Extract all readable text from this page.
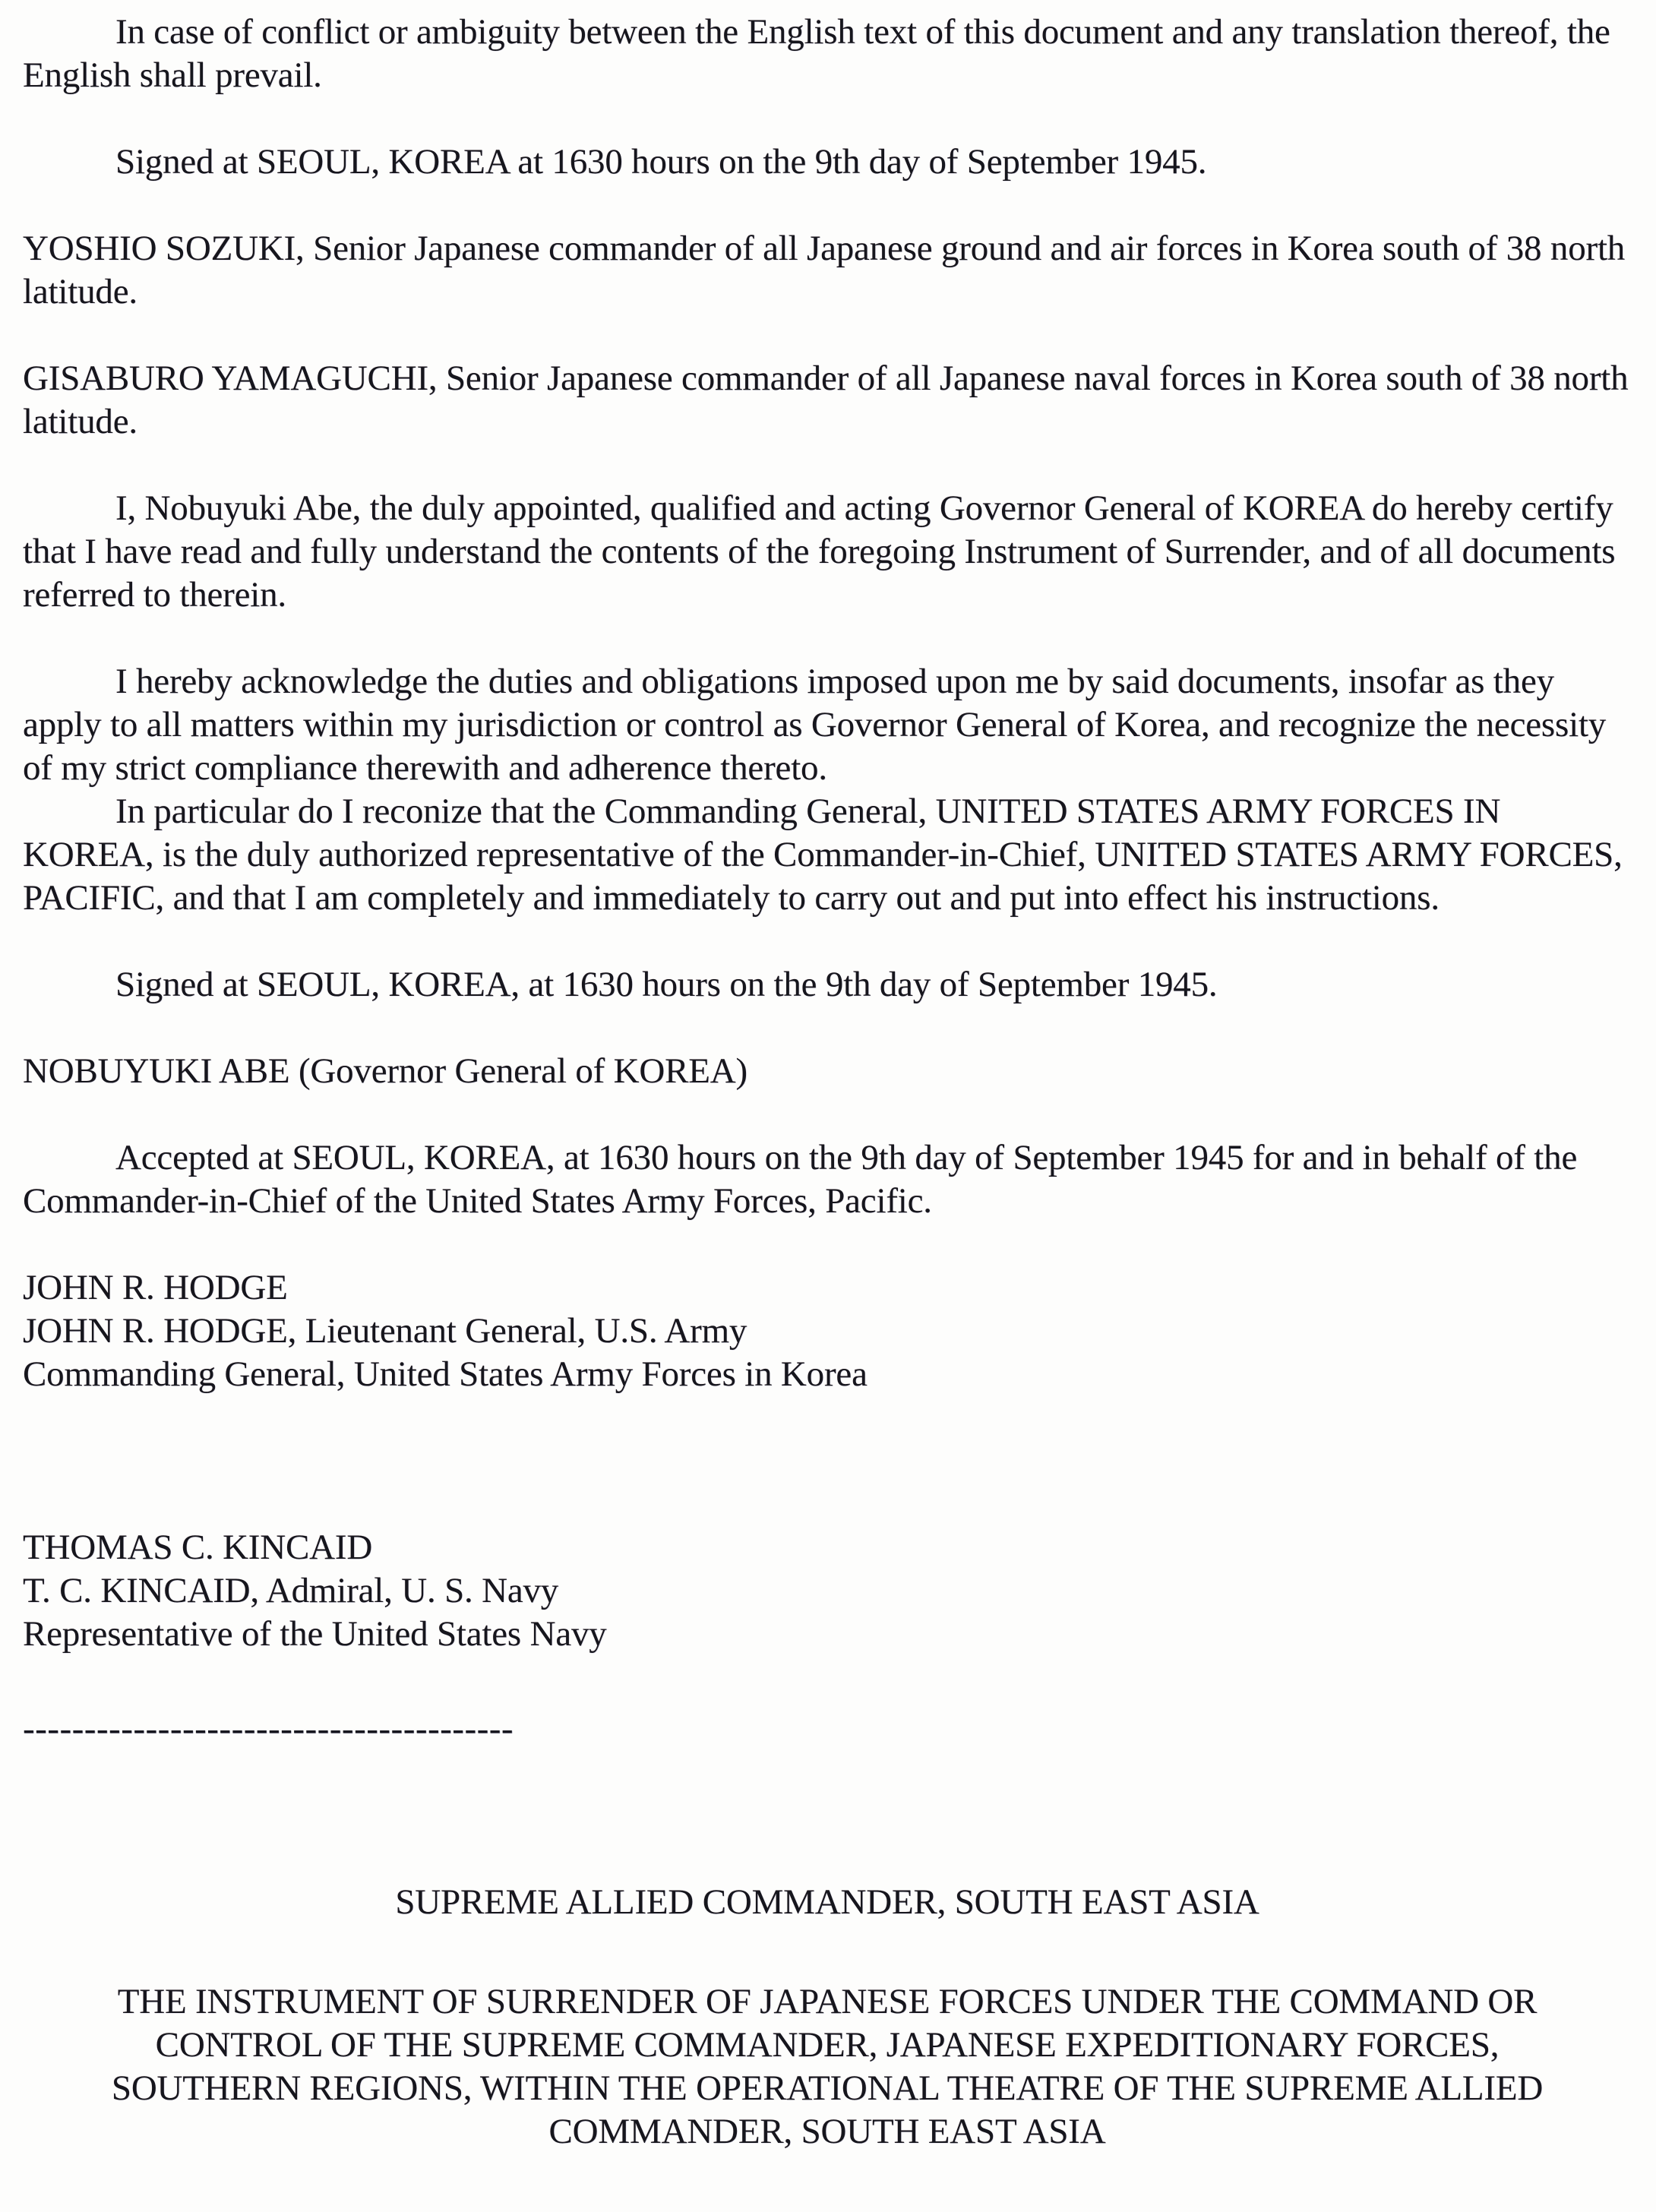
In case of conflict or ambiguity between the English text of this document and any translation thereof, the English shall prevail.
Signed at SEOUL, KOREA at 1630 hours on the 9th day of September 1945.
YOSHIO SOZUKI, Senior Japanese commander of all Japanese ground and air forces in Korea south of 38 north latitude.
GISABURO YAMAGUCHI, Senior Japanese commander of all Japanese naval forces in Korea south of 38 north latitude.
I, Nobuyuki Abe, the duly appointed, qualified and acting Governor General of KOREA do hereby certify that I have read and fully understand the contents of the foregoing Instrument of Surrender, and of all documents referred to therein.
I hereby acknowledge the duties and obligations imposed upon me by said documents, insofar as they apply to all matters within my jurisdiction or control as Governor General of Korea, and recognize the necessity of my strict compliance therewith and adherence thereto.
In particular do I reconize that the Commanding General, UNITED STATES ARMY FORCES IN KOREA, is the duly authorized representative of the Commander-in-Chief, UNITED STATES ARMY FORCES, PACIFIC, and that I am completely and immediately to carry out and put into effect his instructions.
Signed at SEOUL, KOREA, at 1630 hours on the 9th day of September 1945.
NOBUYUKI ABE (Governor General of KOREA)
Accepted at SEOUL, KOREA, at 1630 hours on the 9th day of September 1945 for and in behalf of the Commander-in-Chief of the United States Army Forces, Pacific.
JOHN R. HODGE
JOHN R. HODGE, Lieutenant General, U.S. Army
Commanding General, United States Army Forces in Korea
THOMAS C. KINCAID
T. C. KINCAID, Admiral, U. S. Navy
Representative of the United States Navy
----------------------------------------
SUPREME ALLIED COMMANDER, SOUTH EAST ASIA
THE INSTRUMENT OF SURRENDER OF JAPANESE FORCES UNDER THE COMMAND OR
CONTROL OF THE SUPREME COMMANDER, JAPANESE EXPEDITIONARY FORCES,
SOUTHERN REGIONS, WITHIN THE OPERATIONAL THEATRE OF THE SUPREME ALLIED
COMMANDER, SOUTH EAST ASIA
